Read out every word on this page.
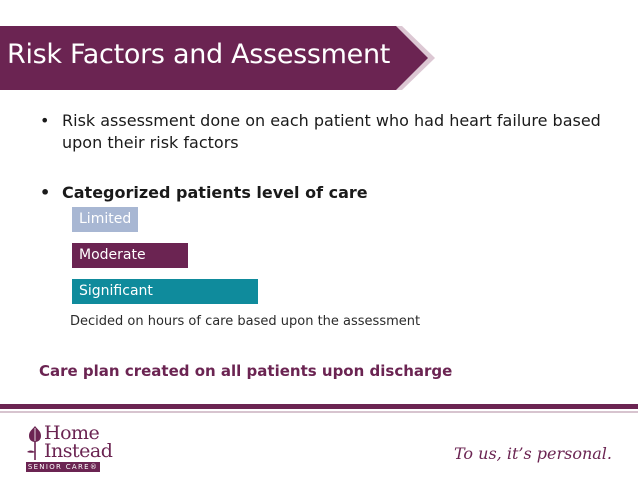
Risk Factors and Assessment
• Risk assessment done on each patient who had heart failure based upon their risk factors
• Categorized patients level of care
Limited
Moderate
Significant
Decided on hours of care based upon the assessment
Care plan created on all patients upon discharge
Home
Instead
SENIOR CARE®
To us, it’s personal.
